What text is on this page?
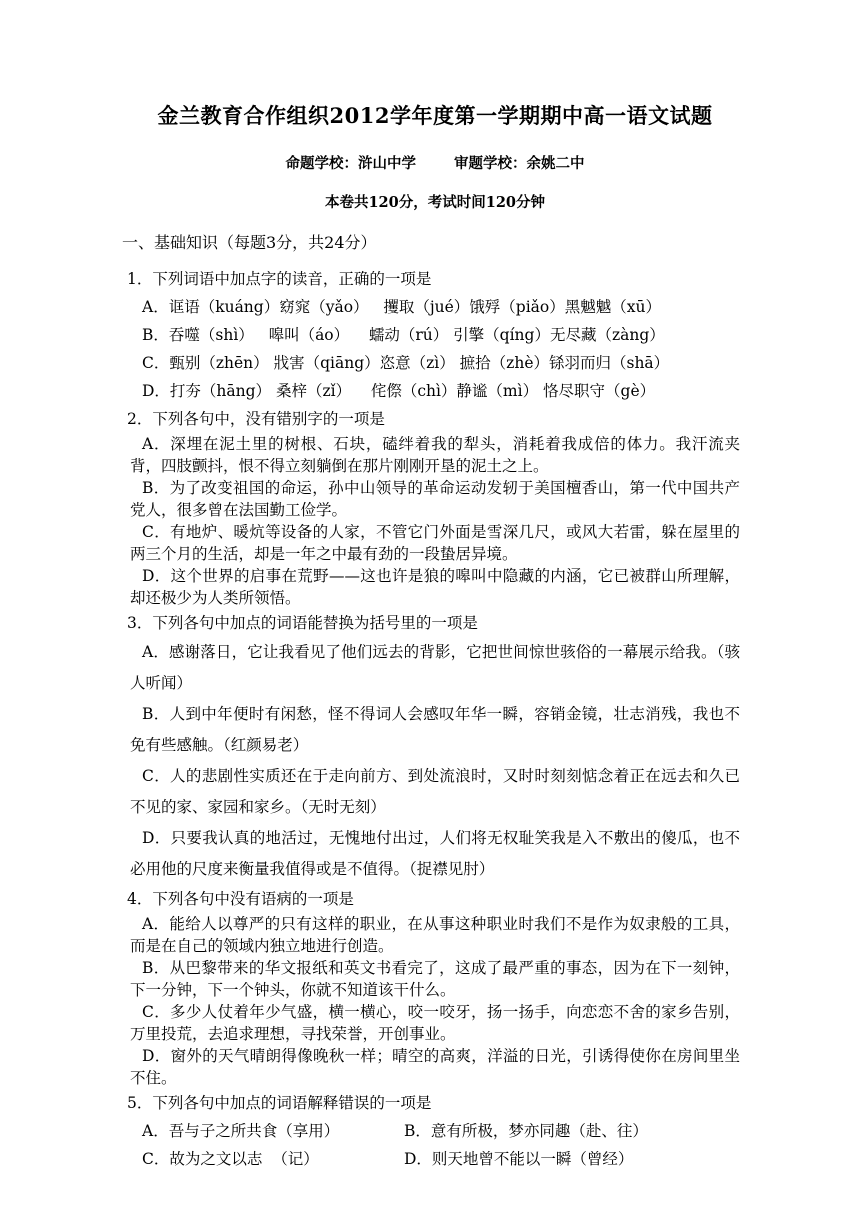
金兰教育合作组织2012学年度第一学期期中高一语文试题
命题学校：浒山中学	审题学校：余姚二中
本卷共120分，考试时间120分钟
一、基础知识（每题3分，共24分）
1．下列词语中加点字的读音，正确的一项是
A．诓语（kuáng）窈窕（yǎo）   攫取（jué）饿殍（piǎo）黑魆魆（xū）
B．吞噬（shì）   嗥叫（áo）    蠕动（rú） 引擎（qíng）无尽藏（zàng）
C．甄别（zhēn） 戕害（qiāng）恣意（zì） 摭拾（zhè）铩羽而归（shā）
D．打夯（hāng） 桑梓（zǐ）    侘傺（chì）静谧（mì） 恪尽职守（gè）
2．下列各句中，没有错别字的一项是

A．深埋在泥土里的树根、石块，磕绊着我的犁头，消耗着我成倍的体力。我汗流夹背，四肢颤抖，恨不得立刻躺倒在那片刚刚开垦的泥土之上。

B．为了改变祖国的命运，孙中山领导的革命运动发轫于美国檀香山，第一代中国共产党人，很多曾在法国勤工俭学。

C．有地炉、暖炕等设备的人家，不管它门外面是雪深几尺，或风大若雷，躲在屋里的两三个月的生活，却是一年之中最有劲的一段蛰居异境。

D．这个世界的启事在荒野——这也许是狼的嗥叫中隐藏的内涵，它已被群山所理解，却还极少为人类所领悟。

3．下列各句中加点的词语能替换为括号里的一项是

A．感谢落日，它让我看见了他们远去的背影，它把世间惊世骇俗的一幕展示给我。（骇人听闻）

B．人到中年便时有闲愁，怪不得词人会感叹年华一瞬，容销金镜，壮志消残，我也不免有些感触。（红颜易老）

C．人的悲剧性实质还在于走向前方、到处流浪时，又时时刻刻惦念着正在远去和久已不见的家、家园和家乡。（无时无刻）

D．只要我认真的地活过，无愧地付出过，人们将无权耻笑我是入不敷出的傻瓜，也不必用他的尺度来衡量我值得或是不值得。（捉襟见肘）

4．下列各句中没有语病的一项是

A．能给人以尊严的只有这样的职业，在从事这种职业时我们不是作为奴隶般的工具，而是在自己的领域内独立地进行创造。

B．从巴黎带来的华文报纸和英文书看完了，这成了最严重的事态，因为在下一刻钟，下一分钟，下一个钟头，你就不知道该干什么。

C．多少人仗着年少气盛，横一横心，咬一咬牙，扬一扬手，向恋恋不舍的家乡告别，万里投荒，去追求理想，寻找荣誉，开创事业。

D．窗外的天气晴朗得像晚秋一样；晴空的高爽，洋溢的日光，引诱得使你在房间里坐不住。

5．下列各句中加点的词语解释错误的一项是
A．吾与子之所共食（享用）	B．意有所极，梦亦同趣（赴、往）
C．故为之文以志  （记）	D．则天地曾不能以一瞬（曾经）
